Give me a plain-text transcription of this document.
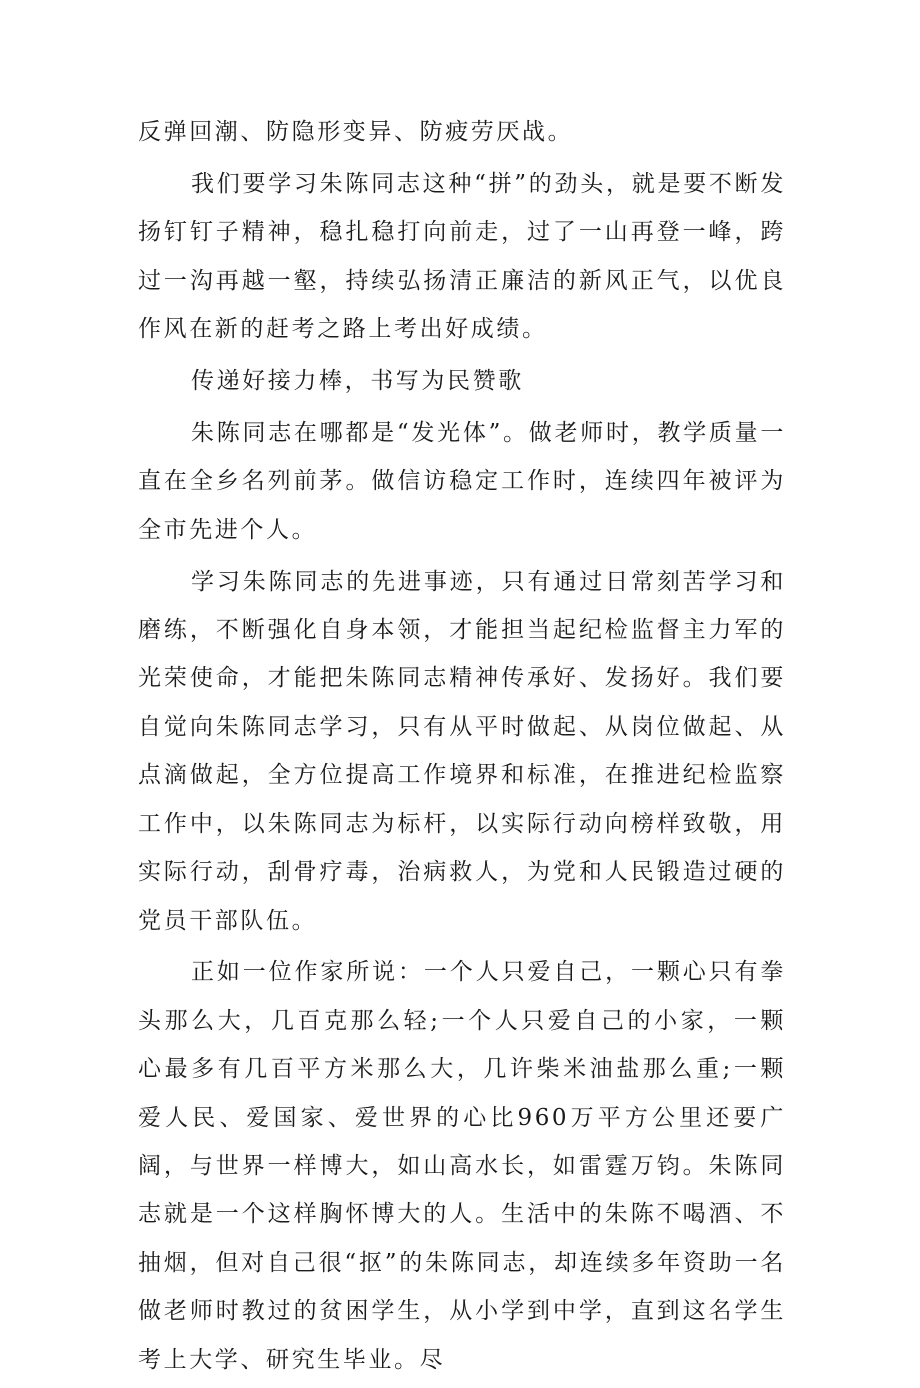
反弹回潮、防隐形变异、防疲劳厌战。

我们要学习朱陈同志这种“拼”的劲头，就是要不断发扬钉钉子精神，稳扎稳打向前走，过了一山再登一峰，跨过一沟再越一壑，持续弘扬清正廉洁的新风正气，以优良作风在新的赶考之路上考出好成绩。

传递好接力棒，书写为民赞歌

朱陈同志在哪都是“发光体”。做老师时，教学质量一直在全乡名列前茅。做信访稳定工作时，连续四年被评为全市先进个人。

学习朱陈同志的先进事迹，只有通过日常刻苦学习和磨练，不断强化自身本领，才能担当起纪检监督主力军的光荣使命，才能把朱陈同志精神传承好、发扬好。我们要自觉向朱陈同志学习，只有从平时做起、从岗位做起、从点滴做起，全方位提高工作境界和标准，在推进纪检监察工作中，以朱陈同志为标杆，以实际行动向榜样致敬，用实际行动，刮骨疗毒，治病救人，为党和人民锻造过硬的党员干部队伍。

正如一位作家所说：一个人只爱自己，一颗心只有拳头那么大，几百克那么轻;一个人只爱自己的小家，一颗心最多有几百平方米那么大，几许柴米油盐那么重;一颗爱人民、爱国家、爱世界的心比960万平方公里还要广阔，与世界一样博大，如山高水长，如雷霆万钧。朱陈同志就是一个这样胸怀博大的人。生活中的朱陈不喝酒、不抽烟，但对自己很“抠”的朱陈同志，却连续多年资助一名做老师时教过的贫困学生，从小学到中学，直到这名学生考上大学、研究生毕业。尽
